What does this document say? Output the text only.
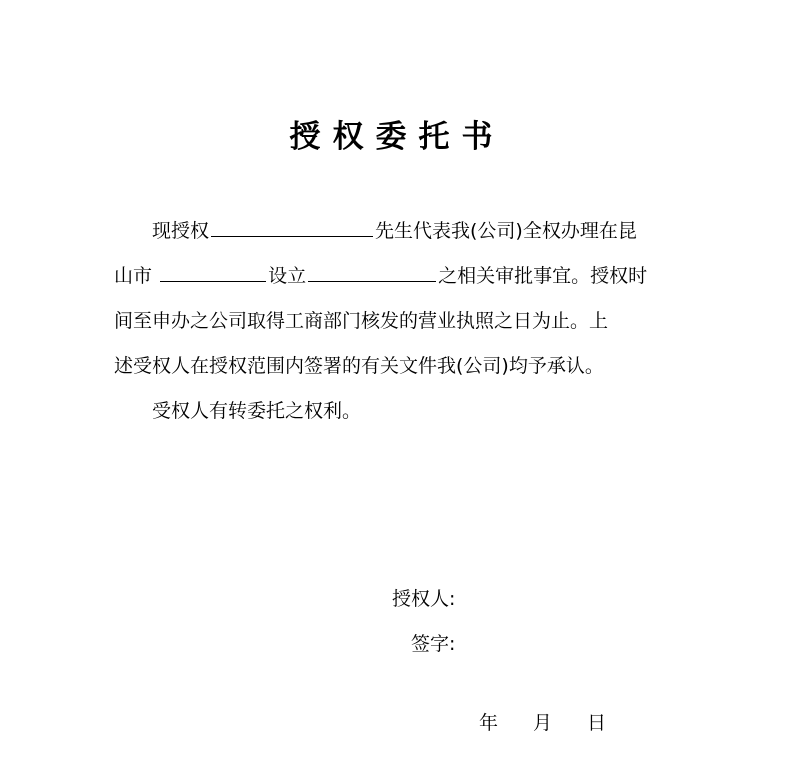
授权委托书
现授权	先生代表我(公司)全权办理在昆
山市	设立	之相关审批事宜。授权时
间至申办之公司取得工商部门核发的营业执照之日为止。上
述受权人在授权范围内签署的有关文件我(公司)均予承认。
受权人有转委托之权利。
授权人:
签字:
年 月 日
